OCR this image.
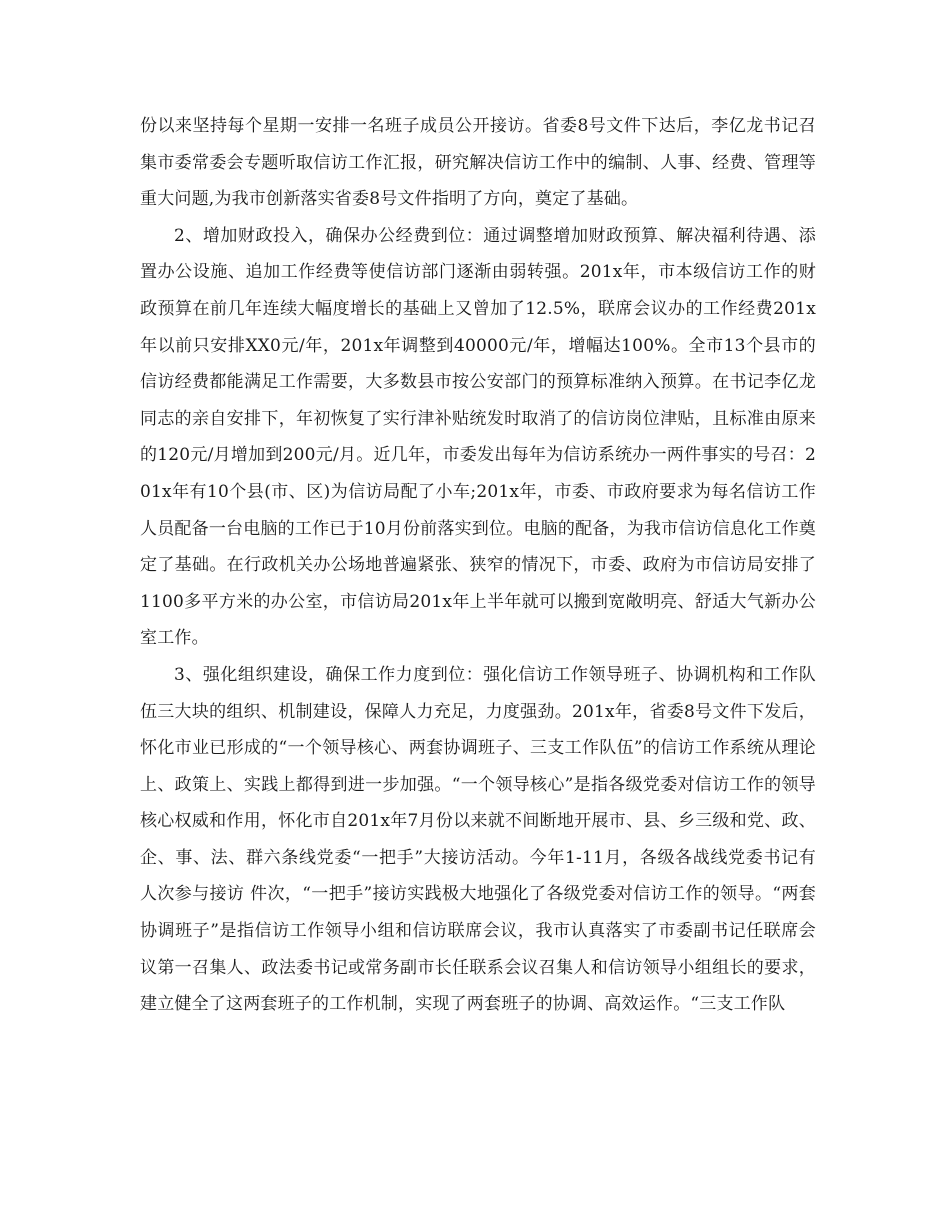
份以来坚持每个星期一安排一名班子成员公开接访。省委8号文件下达后，李亿龙书记召集市委常委会专题听取信访工作汇报，研究解决信访工作中的编制、人事、经费、管理等重大问题,为我市创新落实省委8号文件指明了方向，奠定了基础。

2、增加财政投入，确保办公经费到位：通过调整增加财政预算、解决福利待遇、添置办公设施、追加工作经费等使信访部门逐渐由弱转强。201x年，市本级信访工作的财政预算在前几年连续大幅度增长的基础上又曾加了12.5%，联席会议办的工作经费201x年以前只安排XX0元/年，201x年调整到40000元/年，增幅达100%。全市13个县市的信访经费都能满足工作需要，大多数县市按公安部门的预算标准纳入预算。在书记李亿龙同志的亲自安排下，年初恢复了实行津补贴统发时取消了的信访岗位津贴，且标准由原来的120元/月增加到200元/月。近几年，市委发出每年为信访系统办一两件事实的号召：201x年有10个县(市、区)为信访局配了小车;201x年，市委、市政府要求为每名信访工作人员配备一台电脑的工作已于10月份前落实到位。电脑的配备，为我市信访信息化工作奠定了基础。在行政机关办公场地普遍紧张、狭窄的情况下，市委、政府为市信访局安排了1100多平方米的办公室，市信访局201x年上半年就可以搬到宽敞明亮、舒适大气新办公室工作。

3、强化组织建设，确保工作力度到位：强化信访工作领导班子、协调机构和工作队伍三大块的组织、机制建设，保障人力充足，力度强劲。201x年，省委8号文件下发后，怀化市业已形成的“一个领导核心、两套协调班子、三支工作队伍”的信访工作系统从理论上、政策上、实践上都得到进一步加强。“一个领导核心”是指各级党委对信访工作的领导核心权威和作用，怀化市自201x年7月份以来就不间断地开展市、县、乡三级和党、政、企、事、法、群六条线党委“一把手”大接访活动。今年1-11月，各级各战线党委书记有 人次参与接访 件次，“一把手”接访实践极大地强化了各级党委对信访工作的领导。“两套协调班子”是指信访工作领导小组和信访联席会议，我市认真落实了市委副书记任联席会议第一召集人、政法委书记或常务副市长任联系会议召集人和信访领导小组组长的要求，建立健全了这两套班子的工作机制，实现了两套班子的协调、高效运作。“三支工作队
